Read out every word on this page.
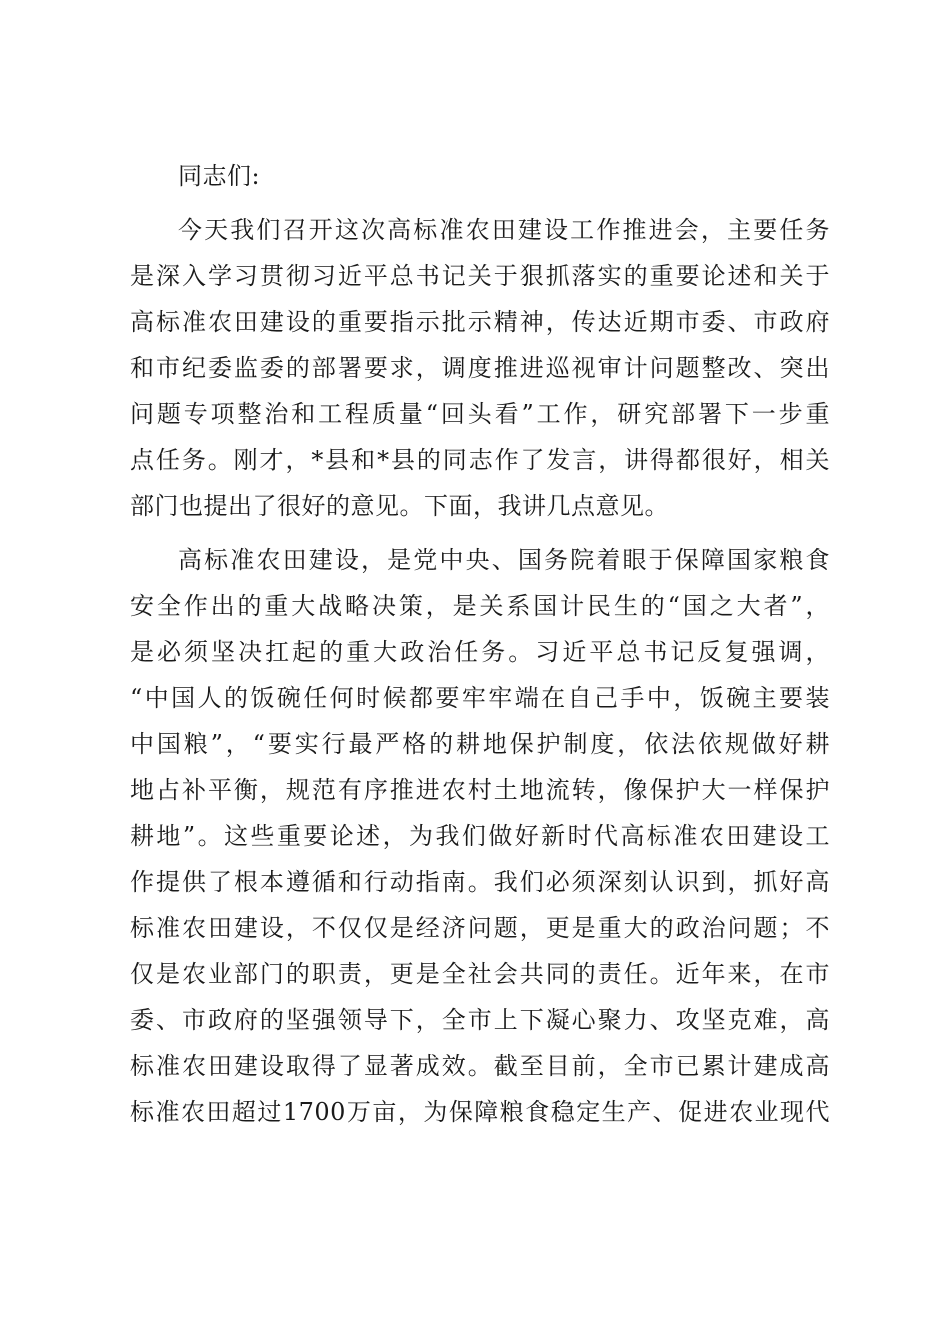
同志们:
今天我们召开这次高标准农田建设工作推进会，主要任务
是深入学习贯彻习近平总书记关于狠抓落实的重要论述和关于
高标准农田建设的重要指示批示精神，传达近期市委、市政府
和市纪委监委的部署要求，调度推进巡视审计问题整改、突出
问题专项整治和工程质量“回头看”工作，研究部署下一步重
点任务。刚才，*县和*县的同志作了发言，讲得都很好，相关
部门也提出了很好的意见。下面，我讲几点意见。
高标准农田建设，是党中央、国务院着眼于保障国家粮食
安全作出的重大战略决策，是关系国计民生的“国之大者”，
是必须坚决扛起的重大政治任务。习近平总书记反复强调，
“中国人的饭碗任何时候都要牢牢端在自己手中，饭碗主要装
中国粮”，“要实行最严格的耕地保护制度，依法依规做好耕
地占补平衡，规范有序推进农村土地流转，像保护大一样保护
耕地”。这些重要论述，为我们做好新时代高标准农田建设工
作提供了根本遵循和行动指南。我们必须深刻认识到，抓好高
标准农田建设，不仅仅是经济问题，更是重大的政治问题；不
仅是农业部门的职责，更是全社会共同的责任。近年来，在市
委、市政府的坚强领导下，全市上下凝心聚力、攻坚克难，高
标准农田建设取得了显著成效。截至目前，全市已累计建成高
标准农田超过1700万亩，为保障粮食稳定生产、促进农业现代
